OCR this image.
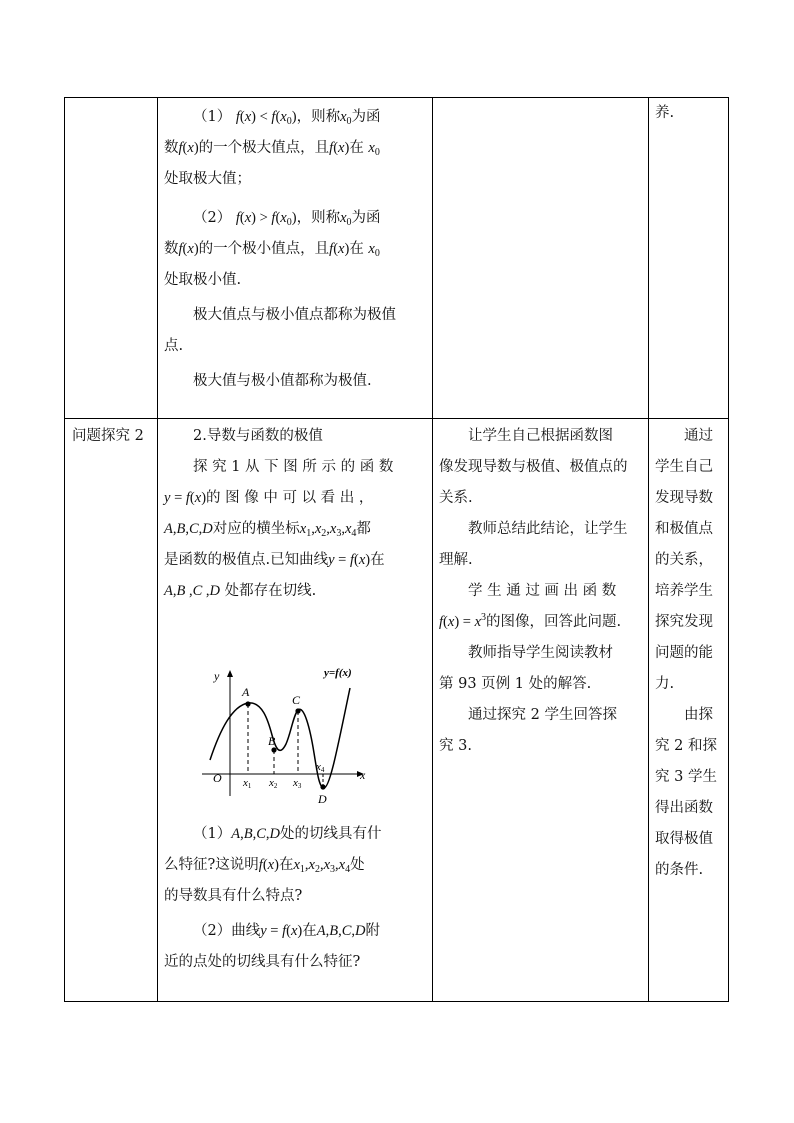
（1） $f(x) < f(x_0)$，则称$x_0$为函

数f(x)的一个极大值点，且f(x)在 $x_0$

处取极大值；

（2） $f(x) > f(x_0)$，则称$x_0$为函

数f(x)的一个极小值点，且f(x)在 $x_0$

处取极小值.

极大值点与极小值点都称为极值

点.

极大值与极小值都称为极值.

养.

问题探究 2	2.导数与函数的极值

探 究 1 从 下 图 所 示 的 函 数

y = f(x)的 图 像 中 可 以 看 出 ，

A,B,C,D对应的横坐标$x_1,x_2,x_3,x_4$都

是函数的极值点.已知曲线y = f(x)在

A,B ,C ,D 处都存在切线.

y
x
O
y=f(x)
A
B
C
D
x1 x2 x3
x4

（1）A,B,C,D处的切线具有什

么特征?这说明f(x)在$x_1,x_2,x_3,x_4$处

的导数具有什么特点?

（2）曲线y = f(x)在A,B,C,D附

近的点处的切线具有什么特征?

让学生自己根据函数图

像发现导数与极值、极值点的

关系.

教师总结此结论，让学生

理解.

学 生 通 过 画 出 函 数

$f(x) = x^3$的图像，回答此问题.

教师指导学生阅读教材

第 93 页例 1 处的解答.

通过探究 2 学生回答探

究 3.

通过

学生自己

发现导数

和极值点

的关系，

培养学生

探究发现

问题的能

力.

由探

究 2 和探

究 3 学生

得出函数

取得极值

的条件.
